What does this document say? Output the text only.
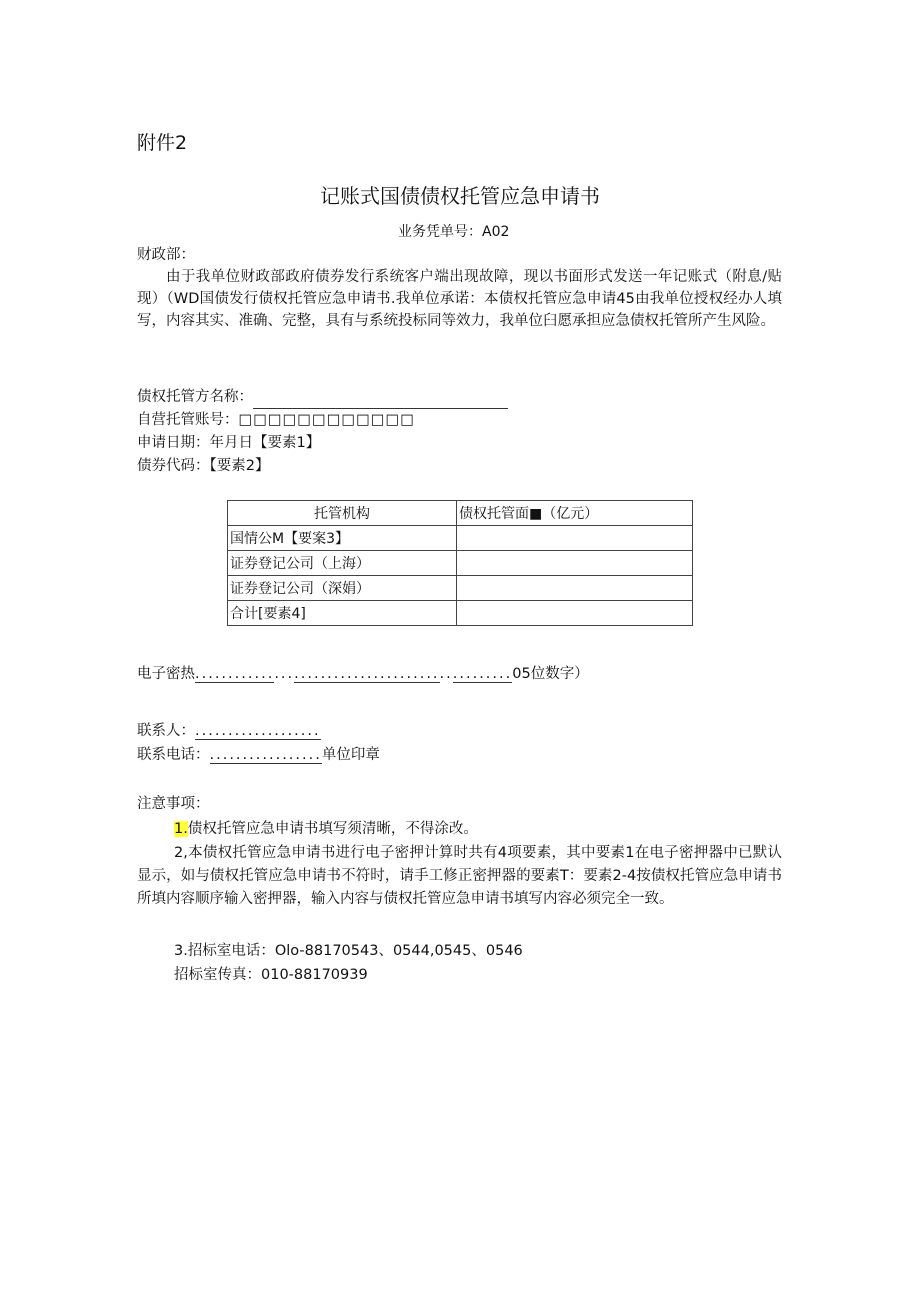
附件2
记账式国债债权托管应急申请书
业务凭单号：A02
财政部：
由于我单位财政部政府债券发行系统客户端出现故障，现以书面形式发送一年记账式（附息/贴现）（WD国债发行债权托管应急申请书.我单位承诺：本债权托管应急申请45由我单位授权经办人填写，内容其实、准确、完整，具有与系统投标同等效力，我单位臼愿承担应急债权托管所产生风险。
债权托管方名称：
自营托管账号：□□□□□□□□□□□□
申请日期：年月日【要素1】
债券代码：【要素2】
托管机构	债权托管面■（亿元）
国情公M【要案3】	
证券登记公司（上海）	
证券登记公司（深娟）	
合计[要素4]	
电子密热................................................05位数字）
联系人：...................
联系电话：.................单位印章
注意事项：
1.债权托管应急申请书填写须清晰，不得涂改。
2,本债权托管应急申请书进行电子密押计算时共有4项要素，其中要素1在电子密押器中已默认显示，如与债权托管应急申请书不符时，请手工修正密押器的要素T：要素2-4按债权托管应急申请书所填内容顺序输入密押器，输入内容与债权托管应急申请书填写内容必须完全一致。
3.招标室电话：Olo-88170543、0544,0545、0546
招标室传真：010-88170939
